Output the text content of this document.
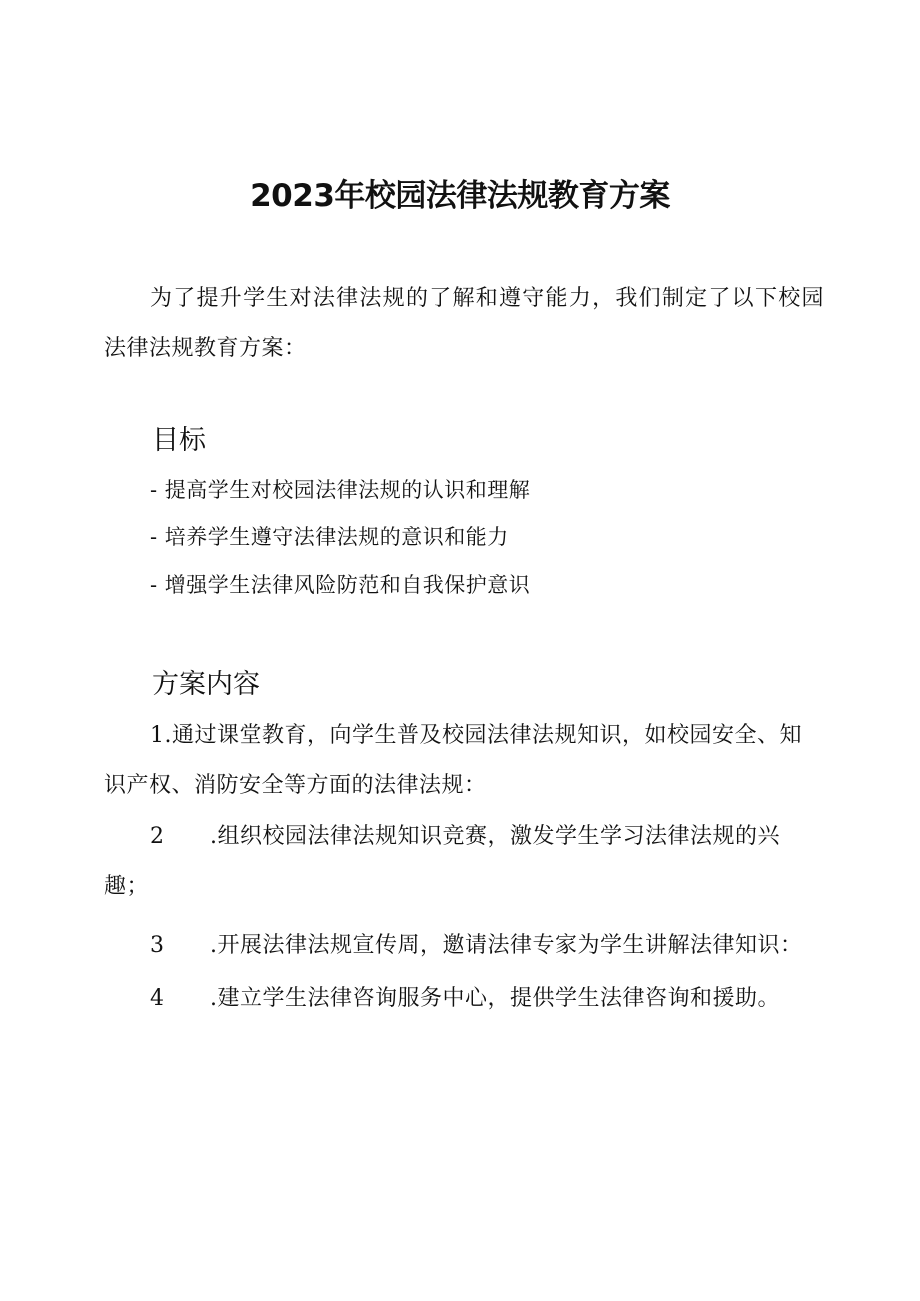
2023年校园法律法规教育方案
为了提升学生对法律法规的了解和遵守能力，我们制定了以下校园法律法规教育方案：
目标
- 提高学生对校园法律法规的认识和理解
- 培养学生遵守法律法规的意识和能力
- 增强学生法律风险防范和自我保护意识
方案内容
1.通过课堂教育，向学生普及校园法律法规知识，如校园安全、知识产权、消防安全等方面的法律法规：
2 .组织校园法律法规知识竞赛，激发学生学习法律法规的兴趣；
3 .开展法律法规宣传周，邀请法律专家为学生讲解法律知识：
4 .建立学生法律咨询服务中心，提供学生法律咨询和援助。
